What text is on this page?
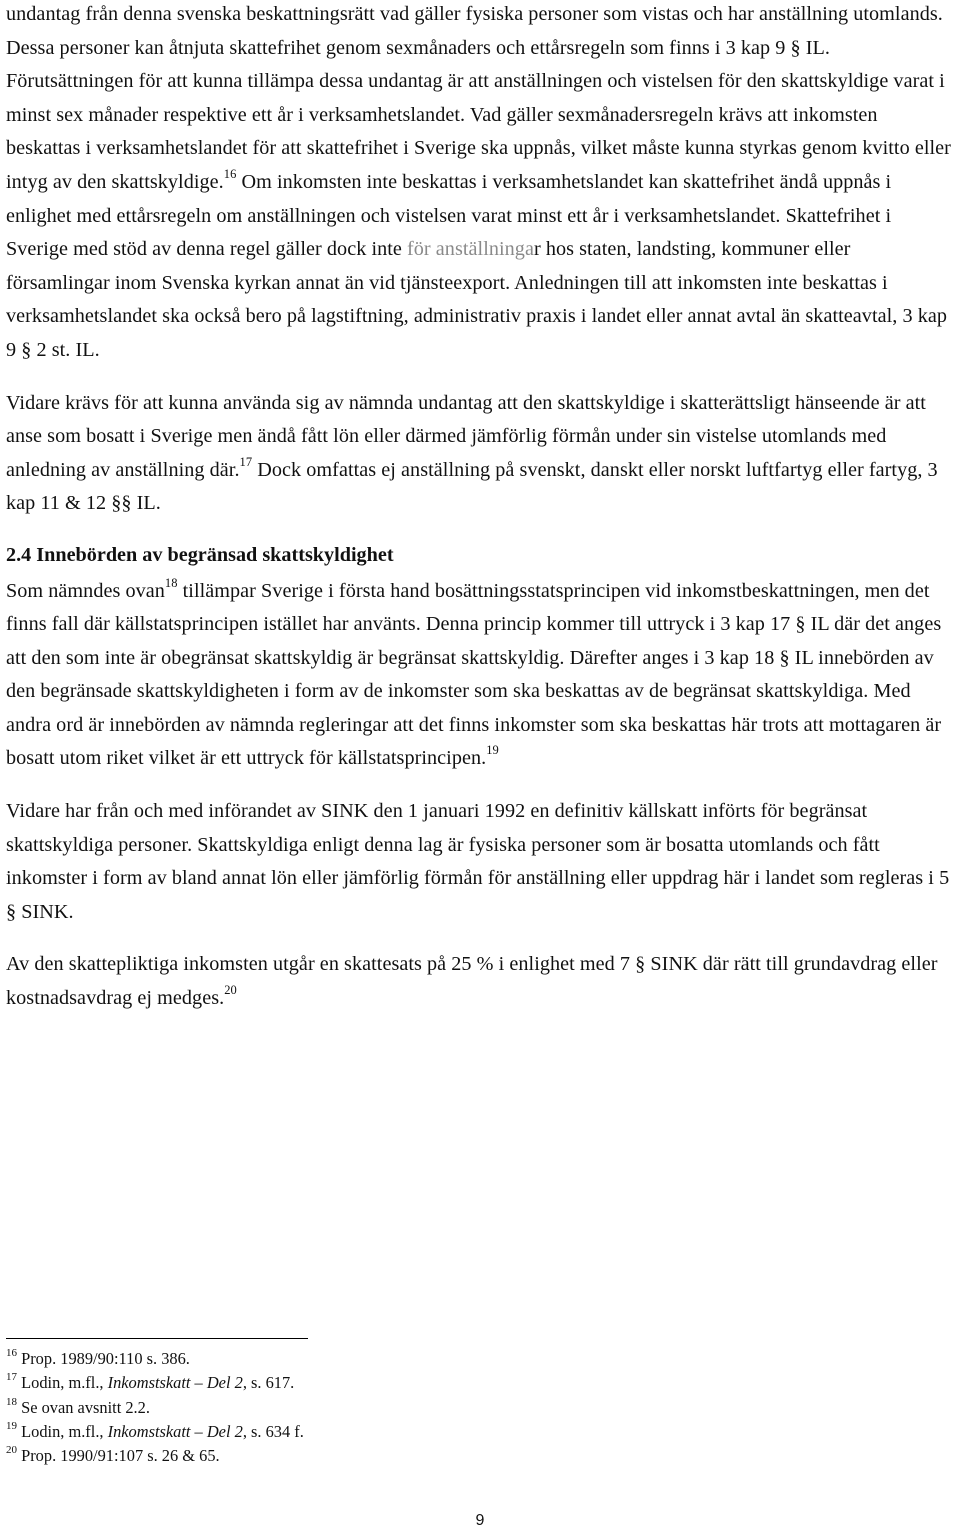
undantag från denna svenska beskattningsrätt vad gäller fysiska personer som vistas och har anställning utomlands. Dessa personer kan åtnjuta skattefrihet genom sexmånaders och ettårsregeln som finns i 3 kap 9 § IL. Förutsättningen för att kunna tillämpa dessa undantag är att anställningen och vistelsen för den skattskyldige varat i minst sex månader respektive ett år i verksamhetslandet. Vad gäller sexmånadersregeln krävs att inkomsten beskattas i verksamhetslandet för att skattefrihet i Sverige ska uppnås, vilket måste kunna styrkas genom kvitto eller intyg av den skattskyldige.$^{16}$ Om inkomsten inte beskattas i verksamhetslandet kan skattefrihet ändå uppnås i enlighet med ettårsregeln om anställningen och vistelsen varat minst ett år i verksamhetslandet. Skattefrihet i Sverige med stöd av denna regel gäller dock inte för anställningar hos staten, landsting, kommuner eller församlingar inom Svenska kyrkan annat än vid tjänsteexport. Anledningen till att inkomsten inte beskattas i verksamhetslandet ska också bero på lagstiftning, administrativ praxis i landet eller annat avtal än skatteavtal, 3 kap 9 § 2 st. IL.

Vidare krävs för att kunna använda sig av nämnda undantag att den skattskyldige i skatterättsligt hänseende är att anse som bosatt i Sverige men ändå fått lön eller därmed jämförlig förmån under sin vistelse utomlands med anledning av anställning där.$^{17}$ Dock omfattas ej anställning på svenskt, danskt eller norskt luftfartyg eller fartyg, 3 kap 11 & 12 §§ IL.

2.4 Innebörden av begränsad skattskyldighet

Som nämndes ovan$^{18}$ tillämpar Sverige i första hand bosättningsstatsprincipen vid inkomstbeskattningen, men det finns fall där källstatsprincipen istället har använts. Denna princip kommer till uttryck i 3 kap 17 § IL där det anges att den som inte är obegränsat skattskyldig är begränsat skattskyldig. Därefter anges i 3 kap 18 § IL innebörden av den begränsade skattskyldigheten i form av de inkomster som ska beskattas av de begränsat skattskyldiga. Med andra ord är innebörden av nämnda regleringar att det finns inkomster som ska beskattas här trots att mottagaren är bosatt utom riket vilket är ett uttryck för källstatsprincipen.$^{19}$

Vidare har från och med införandet av SINK den 1 januari 1992 en definitiv källskatt införts för begränsat skattskyldiga personer. Skattskyldiga enligt denna lag är fysiska personer som är bosatta utomlands och fått inkomster i form av bland annat lön eller jämförlig förmån för anställning eller uppdrag här i landet som regleras i 5 § SINK.

Av den skattepliktiga inkomsten utgår en skattesats på 25 % i enlighet med 7 § SINK där rätt till grundavdrag eller kostnadsavdrag ej medges.$^{20}$

$^{16}$ Prop. 1989/90:110 s. 386.

$^{17}$ Lodin, m.fl., Inkomstskatt – Del 2, s. 617.

$^{18}$ Se ovan avsnitt 2.2.

$^{19}$ Lodin, m.fl., Inkomstskatt – Del 2, s. 634 f.

$^{20}$ Prop. 1990/91:107 s. 26 & 65.

9
